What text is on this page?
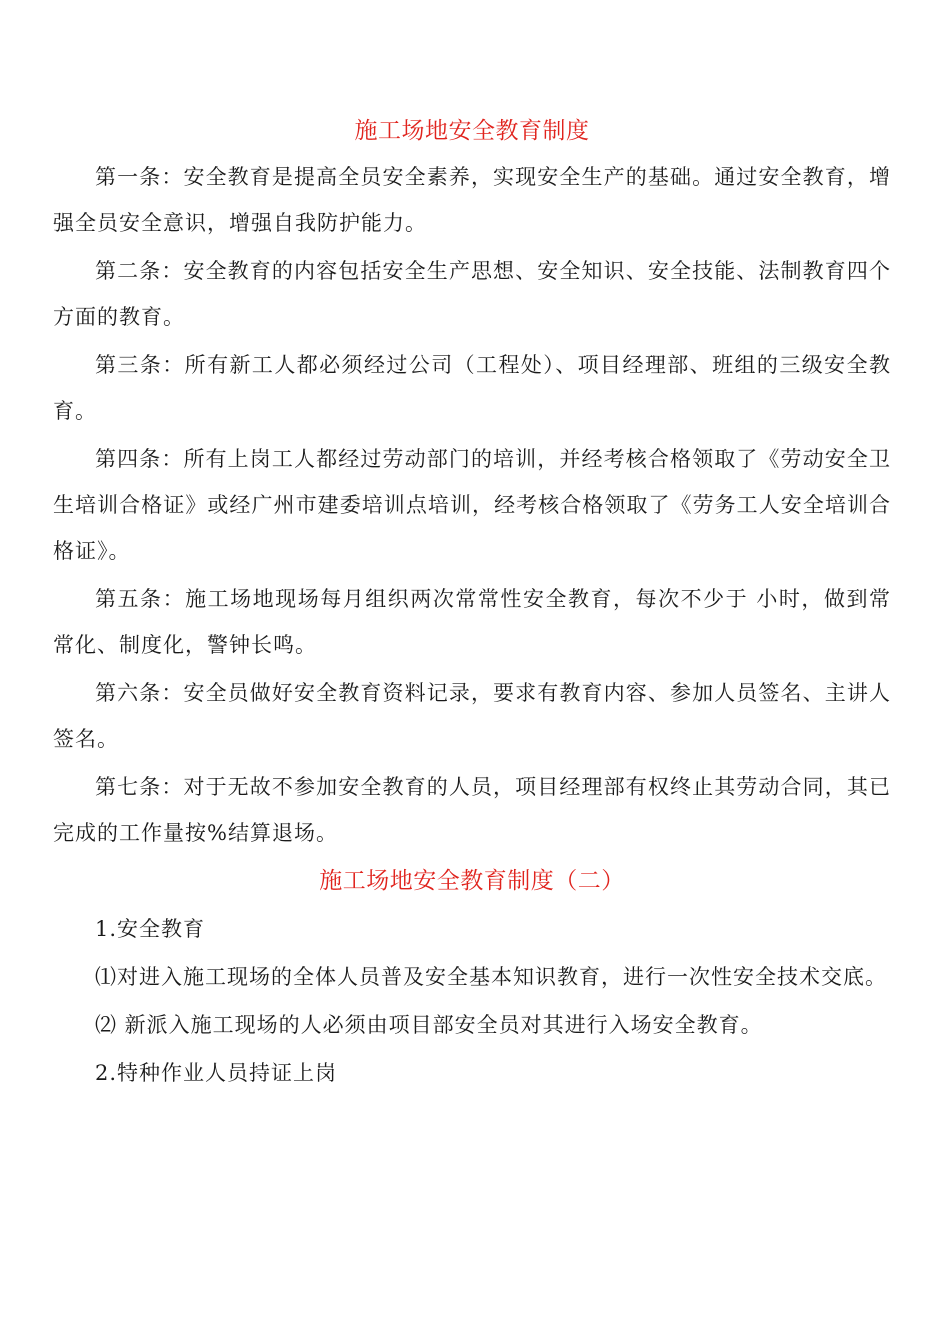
施工场地安全教育制度

第一条：安全教育是提高全员安全素养，实现安全生产的基础。通过安全教育，增强全员安全意识，增强自我防护能力。

第二条：安全教育的内容包括安全生产思想、安全知识、安全技能、法制教育四个方面的教育。

第三条：所有新工人都必须经过公司（工程处）、项目经理部、班组的三级安全教育。

第四条：所有上岗工人都经过劳动部门的培训，并经考核合格领取了《劳动安全卫生培训合格证》或经广州市建委培训点培训，经考核合格领取了《劳务工人安全培训合格证》。

第五条：施工场地现场每月组织两次常常性安全教育，每次不少于 小时，做到常常化、制度化，警钟长鸣。

第六条：安全员做好安全教育资料记录，要求有教育内容、参加人员签名、主讲人签名。

第七条：对于无故不参加安全教育的人员，项目经理部有权终止其劳动合同，其已完成的工作量按%结算退场。

施工场地安全教育制度（二）

1.安全教育

⑴对进入施工现场的全体人员普及安全基本知识教育，进行一次性安全技术交底。

⑵ 新派入施工现场的人必须由项目部安全员对其进行入场安全教育。

2.特种作业人员持证上岗
